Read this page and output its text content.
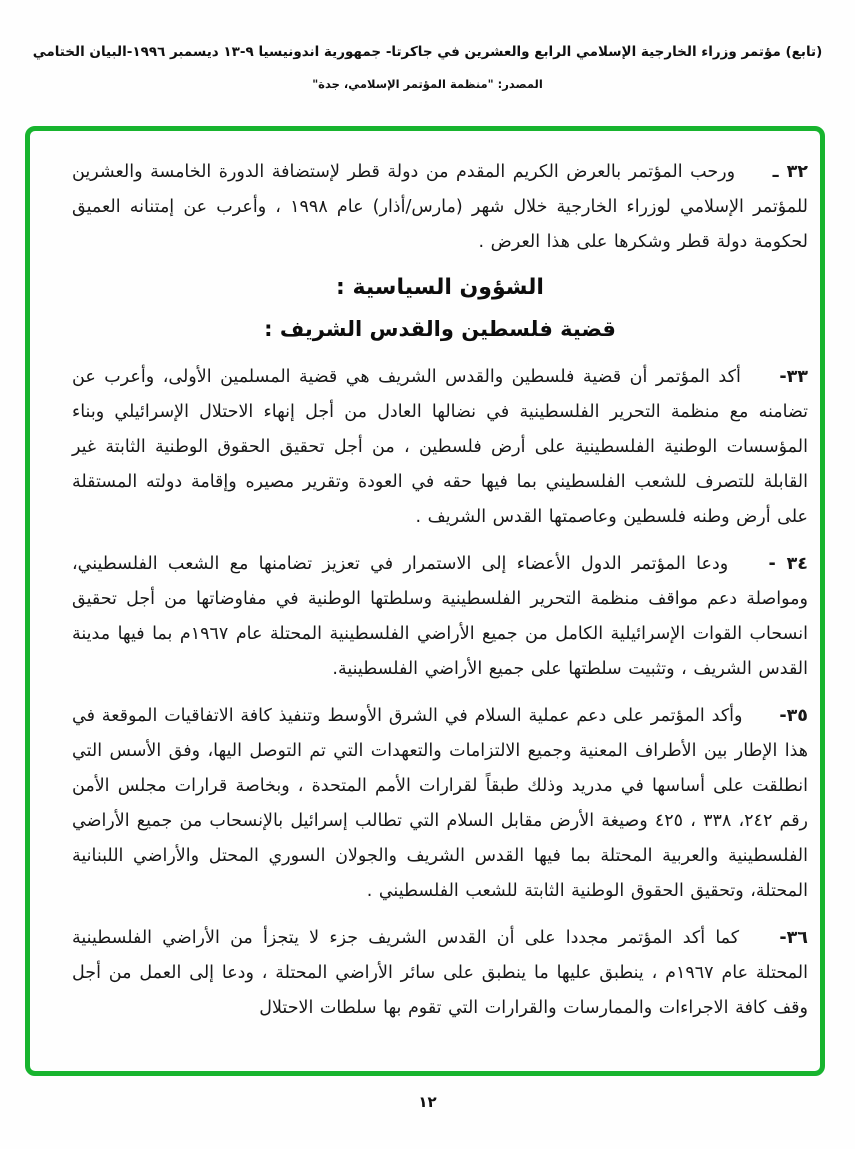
(تابع) مؤتمر وزراء الخارجية الإسلامي الرابع والعشرين في جاكرتا- جمهورية اندونيسيا ٩-١٣ ديسمبر ١٩٩٦-البيان الختامي
المصدر: "منظمة المؤتمر الإسلامي، جدة"

٣٢ ـ ورحب المؤتمر بالعرض الكريم المقدم من دولة قطر لإستضافة الدورة الخامسة والعشرين للمؤتمر الإسلامي لوزراء الخارجية خلال شهر (مارس/أذار) عام ١٩٩٨ ، وأعرب عن إمتنانه العميق لحكومة دولة قطر وشكرها على هذا العرض .

الشؤون السياسية :
قضية فلسطين والقدس الشريف :

٣٣- أكد المؤتمر أن قضية فلسطين والقدس الشريف هي قضية المسلمين الأولى، وأعرب عن تضامنه مع منظمة التحرير الفلسطينية في نضالها العادل من أجل إنهاء الاحتلال الإسرائيلي وبناء المؤسسات الوطنية الفلسطينية على أرض فلسطين ، من أجل تحقيق الحقوق الوطنية الثابتة غير القابلة للتصرف للشعب الفلسطيني بما فيها حقه في العودة وتقرير مصيره وإقامة دولته المستقلة على أرض وطنه فلسطين وعاصمتها القدس الشريف .

٣٤ - ودعا المؤتمر الدول الأعضاء إلى الاستمرار في تعزيز تضامنها مع الشعب الفلسطيني، ومواصلة دعم مواقف منظمة التحرير الفلسطينية وسلطتها الوطنية في مفاوضاتها من أجل تحقيق انسحاب القوات الإسرائيلية الكامل من جميع الأراضي الفلسطينية المحتلة عام ١٩٦٧م بما فيها مدينة القدس الشريف ، وتثبيت سلطتها على جميع الأراضي الفلسطينية.

٣٥- وأكد المؤتمر على دعم عملية السلام في الشرق الأوسط وتنفيذ كافة الاتفاقيات الموقعة في هذا الإطار بين الأطراف المعنية وجميع الالتزامات والتعهدات التي تم التوصل اليها، وفق الأسس التي انطلقت على أساسها في مدريد وذلك طبقاً لقرارات الأمم المتحدة ، وبخاصة قرارات مجلس الأمن رقم ٢٤٢، ٣٣٨ ، ٤٢٥ وصيغة الأرض مقابل السلام التي تطالب إسرائيل بالإنسحاب من جميع الأراضي الفلسطينية والعربية المحتلة بما فيها القدس الشريف والجولان السوري المحتل والأراضي اللبنانية المحتلة، وتحقيق الحقوق الوطنية الثابتة للشعب الفلسطيني .

٣٦- كما أكد المؤتمر مجددا على أن القدس الشريف جزء لا يتجزأ من الأراضي الفلسطينية المحتلة عام ١٩٦٧م ، ينطبق عليها ما ينطبق على سائر الأراضي المحتلة ، ودعا إلى العمل من أجل وقف كافة الاجراءات والممارسات والقرارات التي تقوم بها سلطات الاحتلال

١٢
